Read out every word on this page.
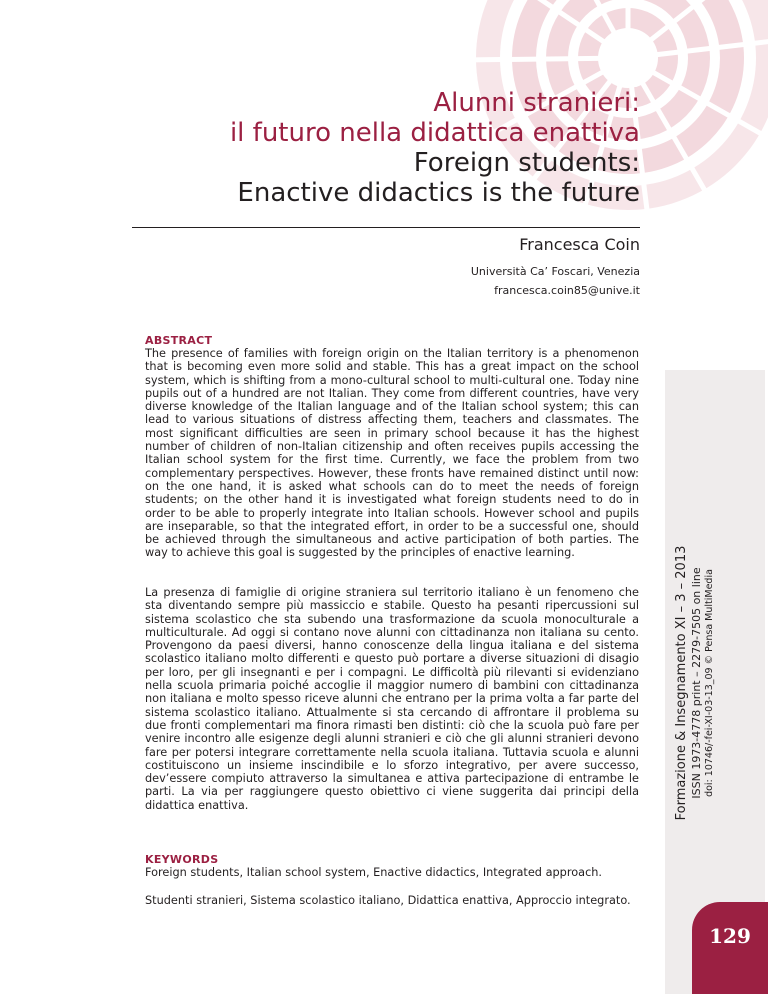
Alunni stranieri:
il futuro nella didattica enattiva
Foreign students:
Enactive didactics is the future
Francesca Coin
Università Ca’ Foscari, Venezia
francesca.coin85@unive.it
ABSTRACT
The presence of families with foreign origin on the Italian territory is a phenomenon that is becoming even more solid and stable. This has a great impact on the school system, which is shifting from a mono-cultural school to multi-cultural one. Today nine pupils out of a hundred are not Italian. They come from different countries, have very diverse knowledge of the Italian language and of the Italian school system; this can lead to various situations of distress affecting them, teachers and classmates. The most significant difficulties are seen in primary school because it has the highest number of children of non-Italian citizenship and often receives pupils accessing the Italian school system for the first time. Currently, we face the problem from two complementary perspectives. However, these fronts have remained distinct until now: on the one hand, it is asked what schools can do to meet the needs of foreign students; on the other hand it is investigated what foreign students need to do in order to be able to properly integrate into Italian schools. However school and pupils are inseparable, so that the integrated effort, in order to be a successful one, should be achieved through the simultaneous and active participation of both parties. The way to achieve this goal is suggested by the principles of enactive learning.
La presenza di famiglie di origine straniera sul territorio italiano è un fenomeno che sta diventando sempre più massiccio e stabile. Questo ha pesanti ripercussioni sul sistema scolastico che sta subendo una trasformazione da scuola monoculturale a multiculturale. Ad oggi si contano nove alunni con cittadinanza non italiana su cento. Provengono da paesi diversi, hanno conoscenze della lingua italiana e del sistema scolastico italiano molto differenti e questo può portare a diverse situazioni di disagio per loro, per gli insegnanti e per i compagni. Le difficoltà più rilevanti si evidenziano nella scuola primaria poiché accoglie il maggior numero di bambini con cittadinanza non italiana e molto spesso riceve alunni che entrano per la prima volta a far parte del sistema scolastico italiano. Attualmente si sta cercando di affrontare il problema su due fronti complementari ma finora rimasti ben distinti: ciò che la scuola può fare per venire incontro alle esigenze degli alunni stranieri e ciò che gli alunni stranieri devono fare per potersi integrare correttamente nella scuola italiana. Tuttavia scuola e alunni costituiscono un insieme inscindibile e lo sforzo integrativo, per avere successo, dev’essere compiuto attraverso la simultanea e attiva partecipazione di entrambe le parti. La via per raggiungere questo obiettivo ci viene suggerita dai principi della didattica enattiva.
KEYWORDS
Foreign students, Italian school system, Enactive didactics, Integrated approach.
Studenti stranieri, Sistema scolastico italiano, Didattica enattiva, Approccio integrato.
Formazione & Insegnamento XI – 3 – 2013 ISSN 1973-4778 print – 2279-7505 on line doi: 10746/-fei-XI-03-13_09 © Pensa MultiMedia
129
